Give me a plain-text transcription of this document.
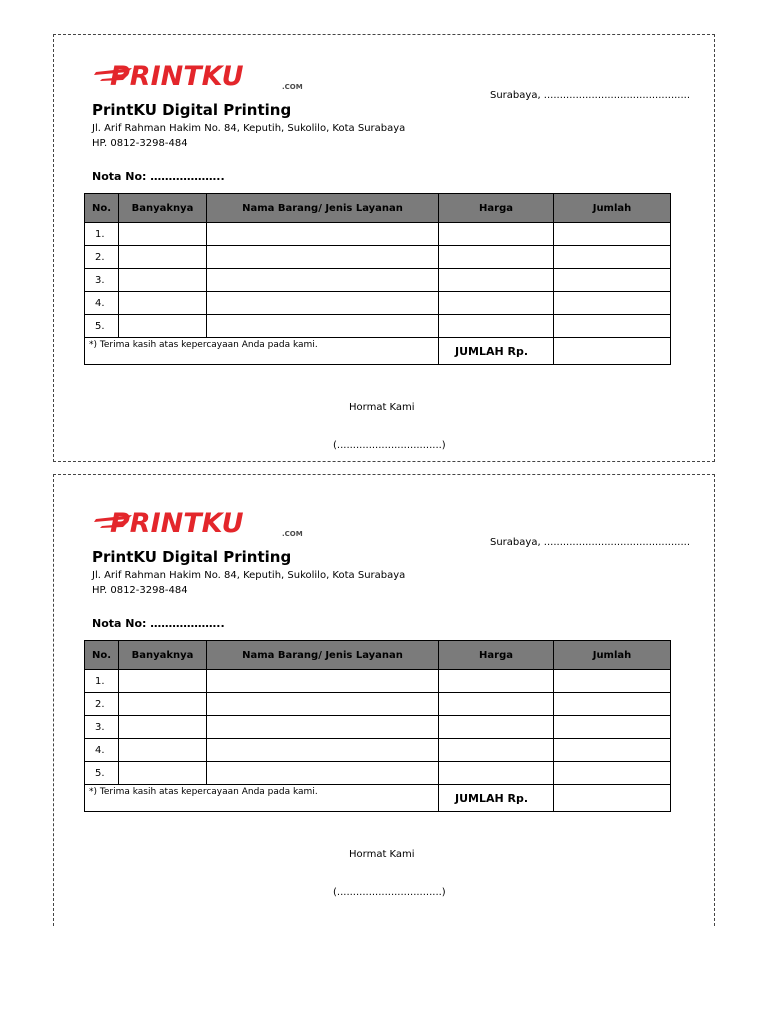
PRINTKU	.COM
Surabaya, ..............................................
PrintKU Digital Printing
Jl. Arif Rahman Hakim No. 84, Keputih, Sukolilo, Kota Surabaya
HP. 0812-3298-484
Nota No: ………………..
No.	Banyaknya	Nama Barang/ Jenis Layanan	Harga	Jumlah
1.				
2.				
3.				
4.				
5.				
*) Terima kasih atas kepercayaan Anda pada kami.			JUMLAH Rp.	
Hormat Kami
(.................................)
PRINTKU	.COM
Surabaya, ..............................................
PrintKU Digital Printing
Jl. Arif Rahman Hakim No. 84, Keputih, Sukolilo, Kota Surabaya
HP. 0812-3298-484
Nota No: ………………..
No.	Banyaknya	Nama Barang/ Jenis Layanan	Harga	Jumlah
1.				
2.				
3.				
4.				
5.				
*) Terima kasih atas kepercayaan Anda pada kami.			JUMLAH Rp.	
Hormat Kami
(.................................)
